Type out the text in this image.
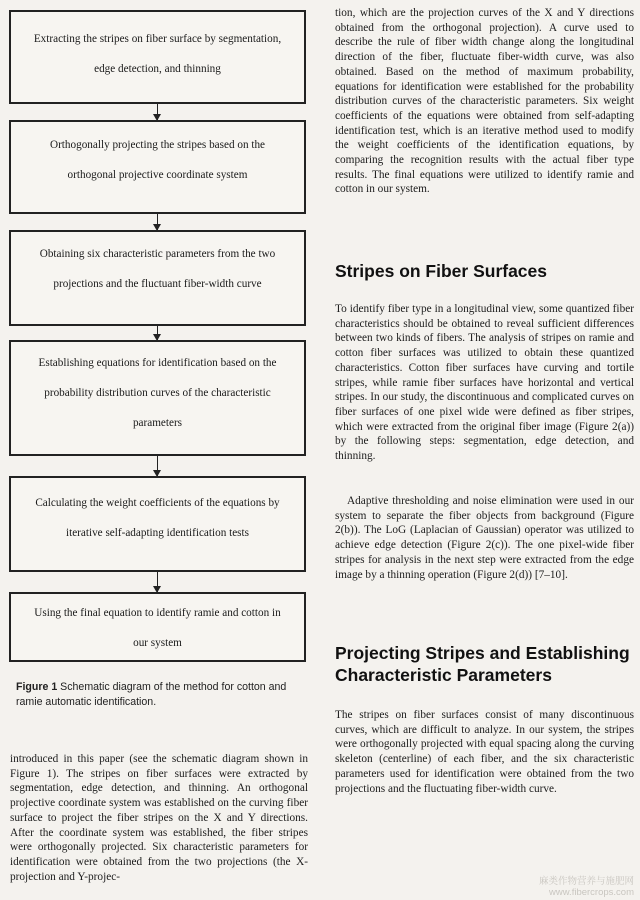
Extracting the stripes on fiber surface by segmentation,
edge detection, and thinning
Orthogonally projecting the stripes based on the
orthogonal projective coordinate system
Obtaining six characteristic parameters from the two
projections and the fluctuant fiber-width curve
Establishing equations for identification based on the
probability distribution curves of the characteristic
parameters
Calculating the weight coefficients of the equations by
iterative self-adapting identification tests
Using the final equation to identify ramie and cotton in
our system
Figure 1 Schematic diagram of the method for cotton and ramie automatic identification.

introduced in this paper (see the schematic diagram shown in Figure 1). The stripes on fiber surfaces were extracted by segmentation, edge detection, and thinning. An orthogonal projective coordinate system was established on the curving fiber surface to project the fiber stripes on the X and Y directions. After the coordinate system was established, the fiber stripes were orthogonally projected. Six characteristic parameters for identification were obtained from the two projections (the X-projection and Y-projec-

tion, which are the projection curves of the X and Y directions obtained from the orthogonal projection). A curve used to describe the rule of fiber width change along the longitudinal direction of the fiber, fluctuate fiber-width curve, was also obtained. Based on the method of maximum probability, equations for identification were established for the probability distribution curves of the characteristic parameters. Six weight coefficients of the equations were obtained from self-adapting identification test, which is an iterative method used to modify the weight coefficients of the identification equations, by comparing the recognition results with the actual fiber type results. The final equations were utilized to identify ramie and cotton in our system.

Stripes on Fiber Surfaces

To identify fiber type in a longitudinal view, some quantized fiber characteristics should be obtained to reveal sufficient differences between two kinds of fibers. The analysis of stripes on ramie and cotton fiber surfaces was utilized to obtain these quantized characteristics. Cotton fiber surfaces have curving and tortile stripes, while ramie fiber surfaces have horizontal and vertical stripes. In our study, the discontinuous and complicated curves on fiber surfaces of one pixel wide were defined as fiber stripes, which were extracted from the original fiber image (Figure 2(a)) by the following steps: segmentation, edge detection, and thinning.

Adaptive thresholding and noise elimination were used in our system to separate the fiber objects from background (Figure 2(b)). The LoG (Laplacian of Gaussian) operator was utilized to achieve edge detection (Figure 2(c)). The one pixel-wide fiber stripes for analysis in the next step were extracted from the edge image by a thinning operation (Figure 2(d)) [7–10].

Projecting Stripes and Establishing
Characteristic Parameters

The stripes on fiber surfaces consist of many discontinuous curves, which are difficult to analyze. In our system, the stripes were orthogonally projected with equal spacing along the curving skeleton (centerline) of each fiber, and the six characteristic parameters used for identification were obtained from the two projections and the fluctuating fiber-width curve.

麻类作物营养与施肥网
www.fibercrops.com
